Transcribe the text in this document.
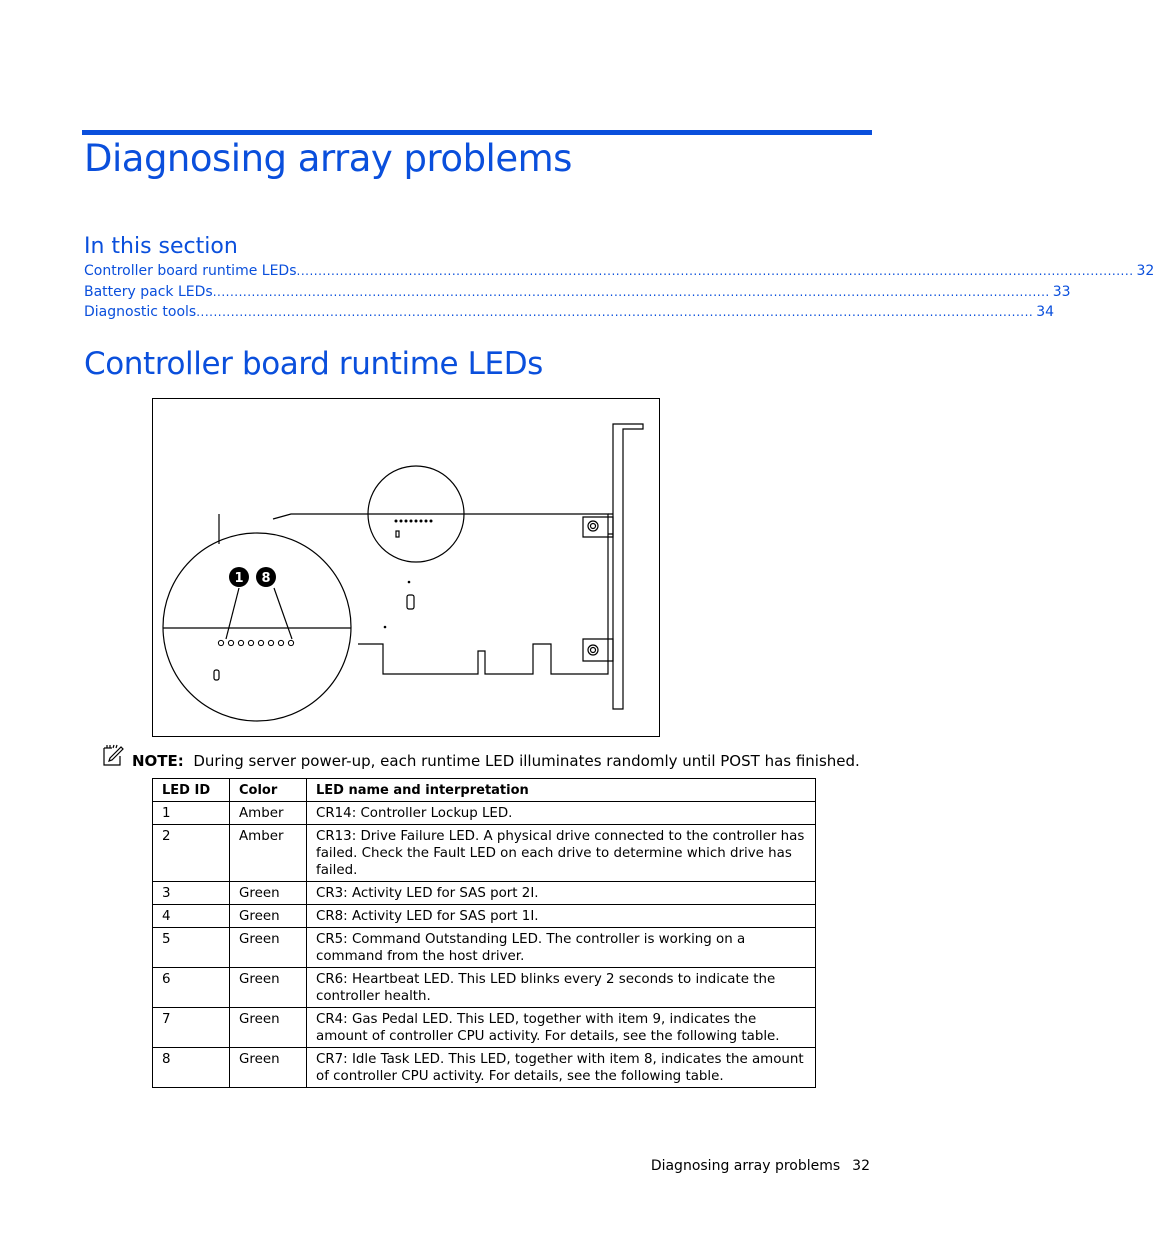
Diagnosing array problems
In this section
Controller board runtime LEDs .................................................................................................................................................................................................. 32
Battery pack LEDs .................................................................................................................................................................................................. 33
Diagnostic tools .................................................................................................................................................................................................. 34
Controller board runtime LEDs
1 8
NOTE: During server power-up, each runtime LED illuminates randomly until POST has finished.
LED ID	Color	LED name and interpretation
1	Amber	CR14: Controller Lockup LED.
2	Amber	CR13: Drive Failure LED. A physical drive connected to the controller has failed. Check the Fault LED on each drive to determine which drive has failed.
3	Green	CR3: Activity LED for SAS port 2I.
4	Green	CR8: Activity LED for SAS port 1I.
5	Green	CR5: Command Outstanding LED. The controller is working on a command from the host driver.
6	Green	CR6: Heartbeat LED. This LED blinks every 2 seconds to indicate the controller health.
7	Green	CR4: Gas Pedal LED. This LED, together with item 9, indicates the amount of controller CPU activity. For details, see the following table.
8	Green	CR7: Idle Task LED. This LED, together with item 8, indicates the amount of controller CPU activity. For details, see the following table.
Diagnosing array problems 32
